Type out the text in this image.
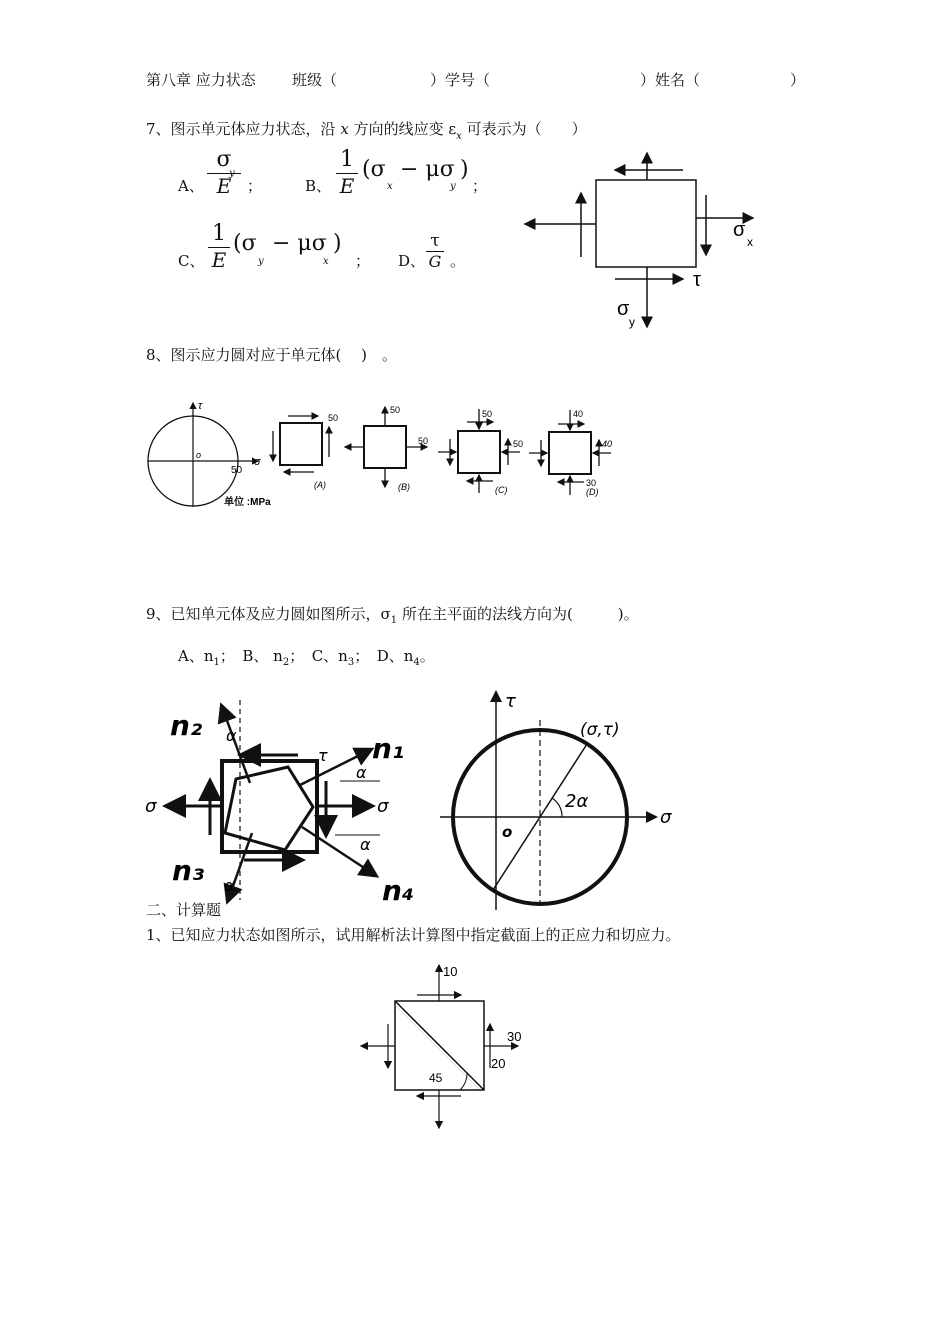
第八章 应力状态 班级（	）学号（	）姓名（	）
7、图示单元体应力状态，沿 x 方向的线应变 $\varepsilon_x$ 可表示为（　　）
A、
σ
E
y
；	B、
1
E
(σ
x
− μσ
y
)
；
C、
1
E
(σ
y
− μσ
x
)
； D、
τ
G 。
σ
x
τ
σ
y
8、图示应力圆对应于单元体(　 )　。
τ
σ
o
50
单位 :MPa
50
(A)
50
50
(B)
50
50
(C)
40
40
30
(D)
9、已知单元体及应力圆如图所示，$\sigma_1$ 所在主平面的法线方向为(　　　)。
A、$n_1$；　B、 $n_2$；　C、$n_3$；　D、$n_4$。
n₂
n₁
n₃
n₄
α
α
α
α
τ
σ	σ
τ
σ
o
(σ,τ)
2α
二、计算题
1、已知应力状态如图所示，试用解析法计算图中指定截面上的正应力和切应力。
10
30
20
45
